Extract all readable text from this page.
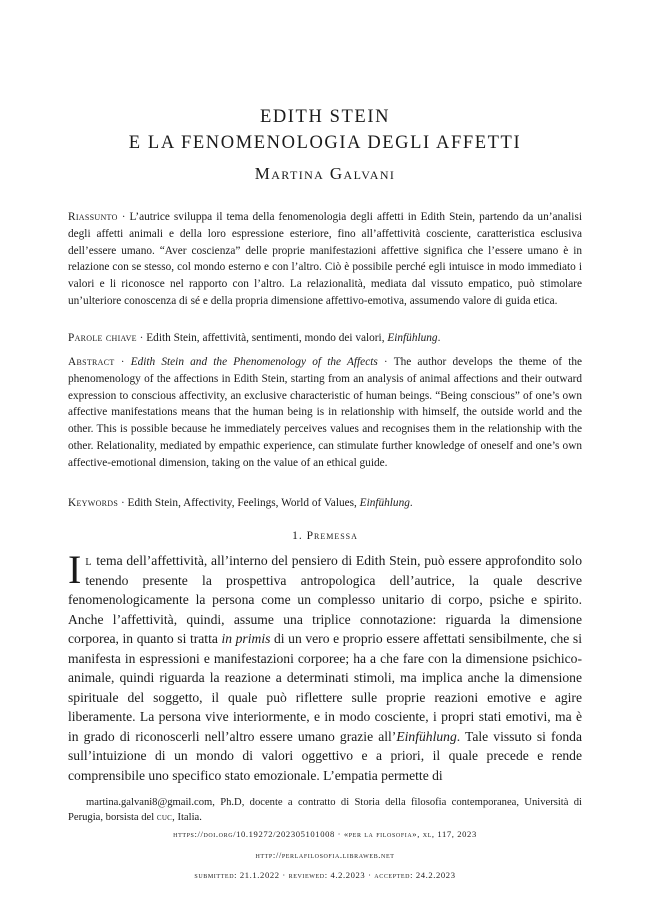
EDITH STEIN
E LA FENOMENOLOGIA DEGLI AFFETTI
Martina Galvani
Riassunto · L’autrice sviluppa il tema della fenomenologia degli affetti in Edith Stein, partendo da un’analisi degli affetti animali e della loro espressione esteriore, fino all’affettività cosciente, caratteristica esclusiva dell’essere umano. “Aver coscienza” delle proprie manifestazioni affettive significa che l’essere umano è in relazione con se stesso, col mondo esterno e con l’altro. Ciò è possibile perché egli intuisce in modo immediato i valori e li riconosce nel rapporto con l’altro. La relazionalità, mediata dal vissuto empatico, può stimolare un’ulteriore conoscenza di sé e della propria dimensione affettivo-emotiva, assumendo valore di guida etica.
Parole chiave · Edith Stein, affettività, sentimenti, mondo dei valori, Einfühlung.
Abstract · Edith Stein and the Phenomenology of the Affects · The author develops the theme of the phenomenology of the affections in Edith Stein, starting from an analysis of animal affections and their outward expression to conscious affectivity, an exclusive characteristic of human beings. “Being conscious” of one’s own affective manifestations means that the human being is in relationship with himself, the outside world and the other. This is possible because he immediately perceives values and recognises them in the relationship with the other. Relationality, mediated by empathic experience, can stimulate further knowledge of oneself and one’s own affective-emotional dimension, taking on the value of an ethical guide.
Keywords · Edith Stein, Affectivity, Feelings, World of Values, Einfühlung.
1. Premessa
Il tema dell’affettività, all’interno del pensiero di Edith Stein, può essere approfondito solo tenendo presente la prospettiva antropologica dell’autrice, la quale descrive fenomenologicamente la persona come un complesso unitario di corpo, psiche e spirito. Anche l’affettività, quindi, assume una triplice connotazione: riguarda la dimensione corporea, in quanto si tratta in primis di un vero e proprio essere affettati sensibilmente, che si manifesta in espressioni e manifestazioni corporee; ha a che fare con la dimensione psichico-animale, quindi riguarda la reazione a determinati stimoli, ma implica anche la dimensione spirituale del soggetto, il quale può riflettere sulle proprie reazioni emotive e agire liberamente. La persona vive interiormente, e in modo cosciente, i propri stati emotivi, ma è in grado di riconoscerli nell’altro essere umano grazie all’Einfühlung. Tale vissuto si fonda sull’intuizione di un mondo di valori oggettivo e a priori, il quale precede e rende comprensibile uno specifico stato emozionale. L’empatia permette di
martina.galvani8@gmail.com, Ph.D, docente a contratto di Storia della filosofia contemporanea, Università di Perugia, borsista del cuc, Italia.
https://doi.org/10.19272/202305101008 · «per la filosofia», xl, 117, 2023
http://perlafilosofia.libraweb.net
submitted: 21.1.2022 · reviewed: 4.2.2023 · accepted: 24.2.2023
